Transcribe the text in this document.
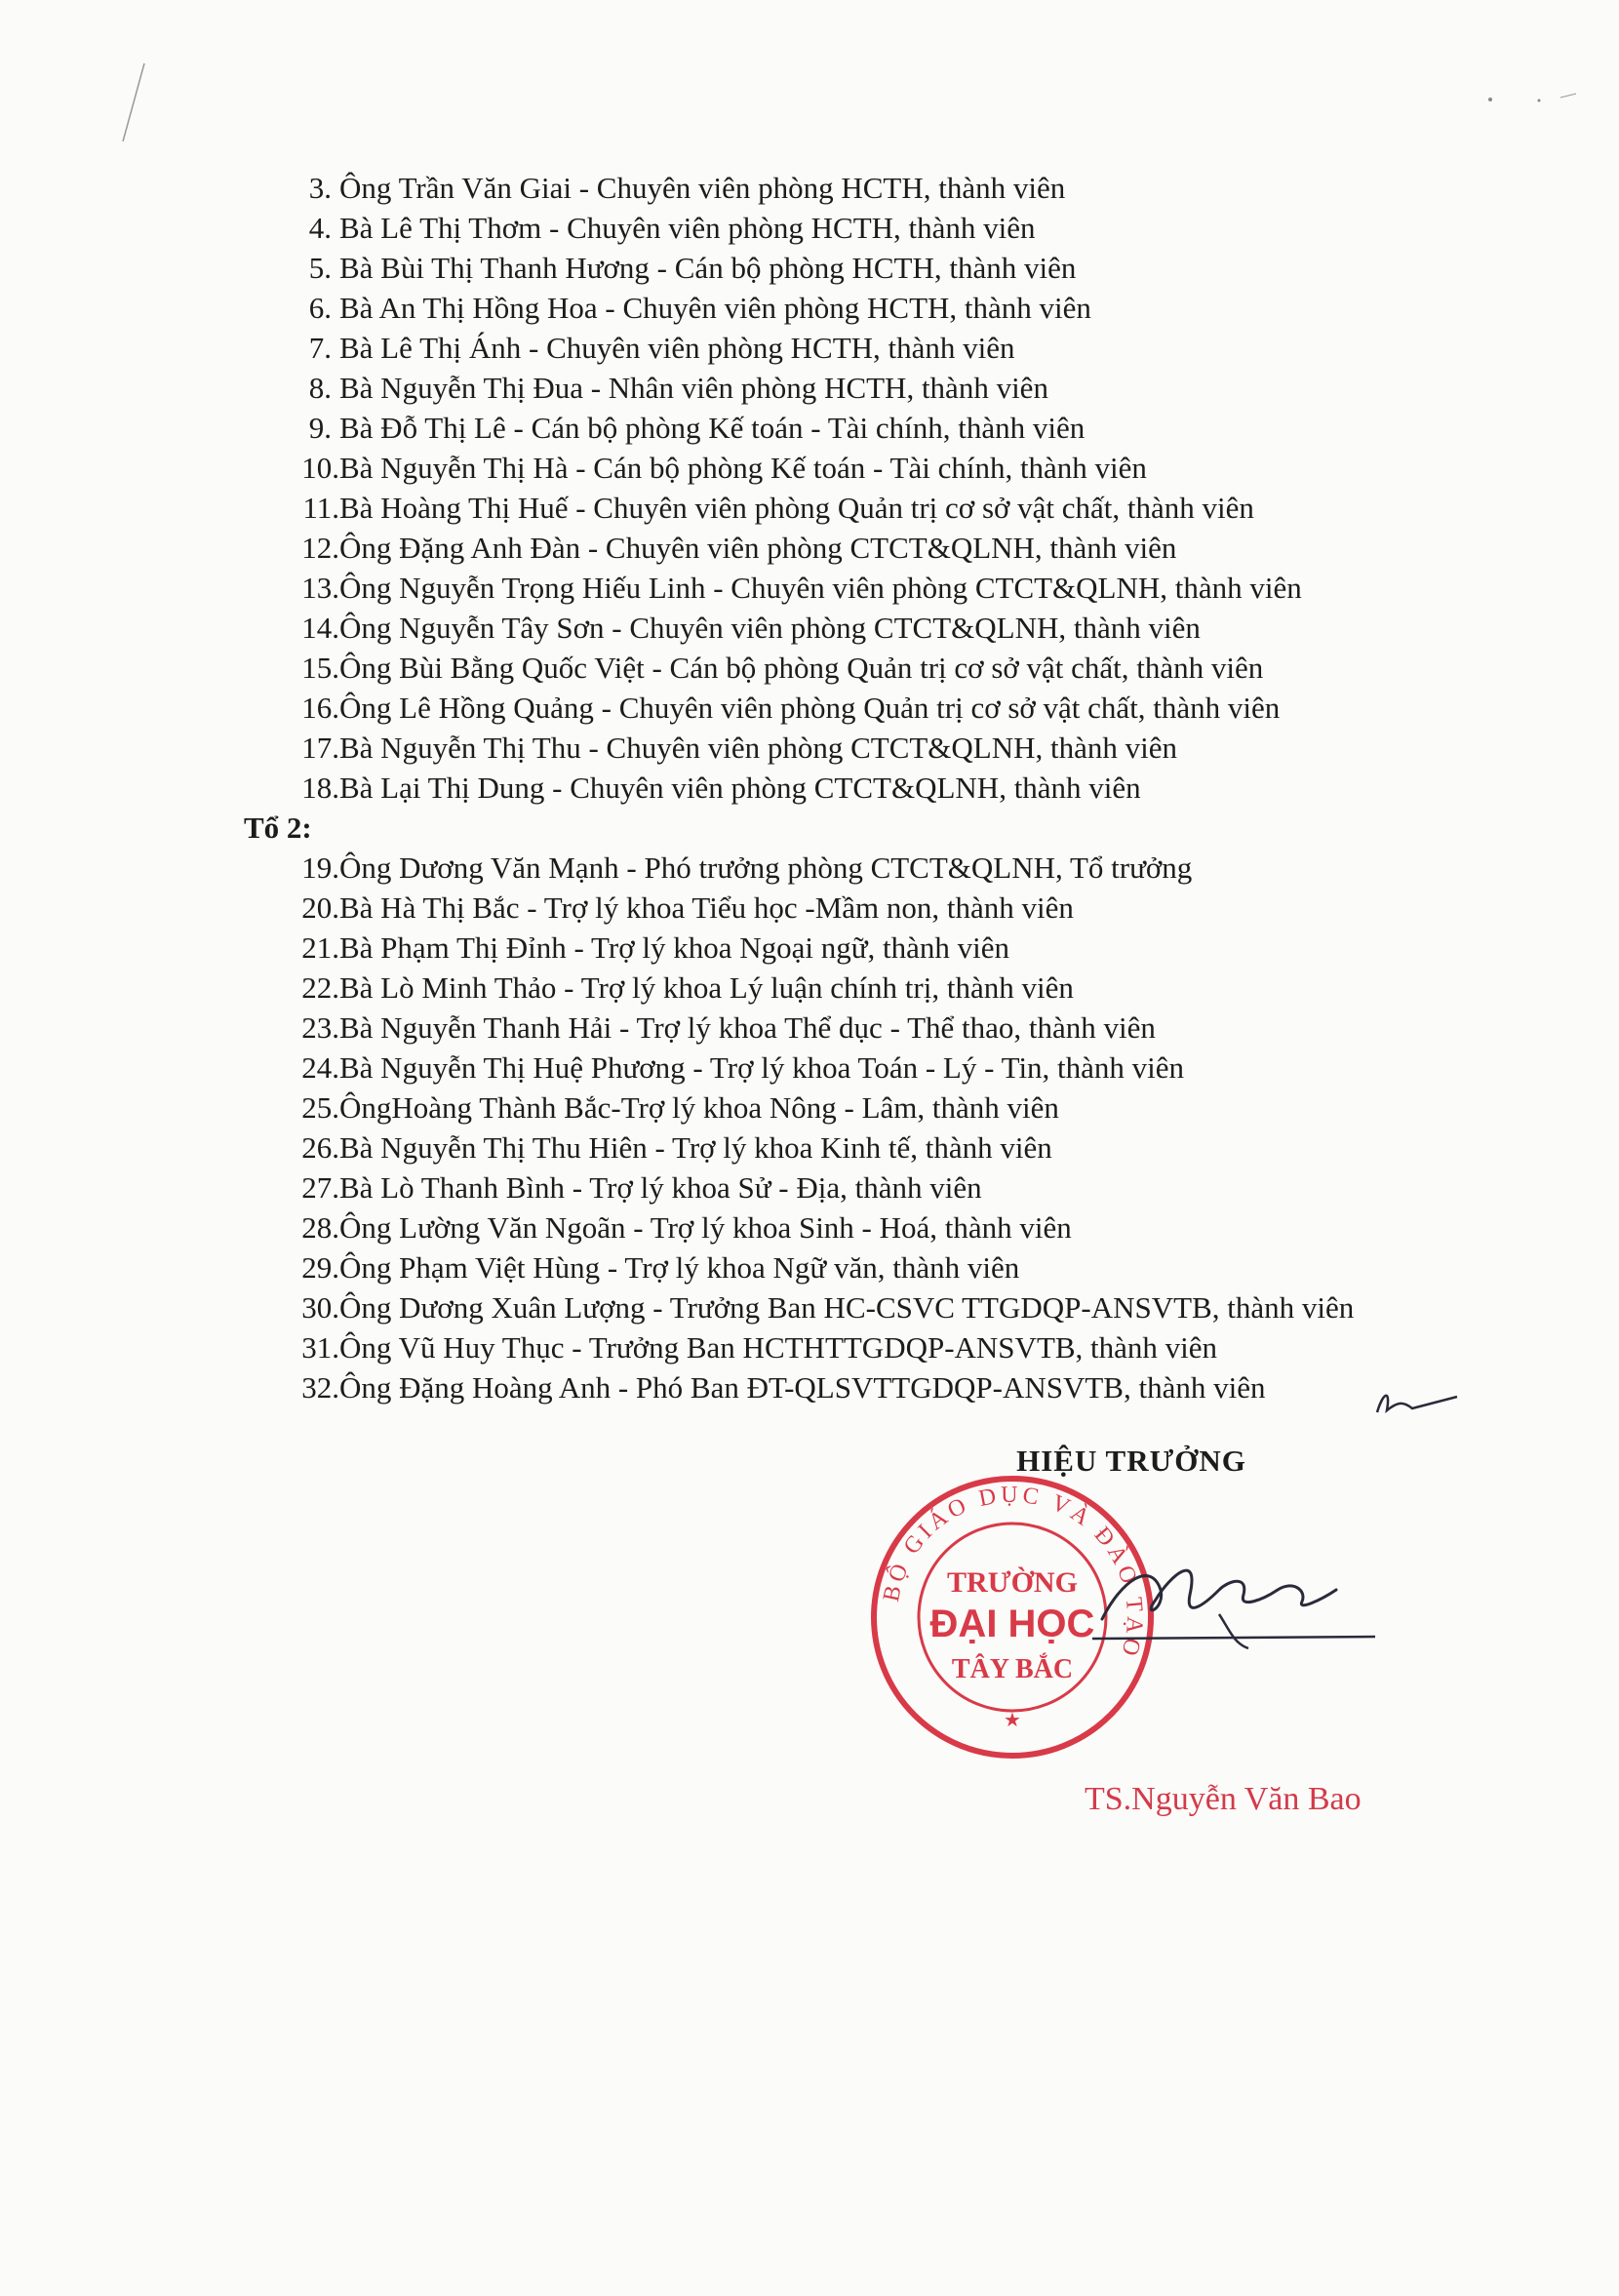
3. Ông Trần Văn Giai - Chuyên viên phòng HCTH, thành viên
4. Bà Lê Thị Thơm - Chuyên viên phòng HCTH, thành viên
5. Bà Bùi Thị Thanh Hương - Cán bộ phòng HCTH, thành viên
6. Bà An Thị Hồng Hoa - Chuyên viên phòng HCTH, thành viên
7. Bà Lê Thị Ánh - Chuyên viên phòng HCTH, thành viên
8. Bà Nguyễn Thị Đua - Nhân viên phòng HCTH, thành viên
9. Bà Đỗ Thị Lê - Cán bộ phòng Kế toán - Tài chính, thành viên
10. Bà Nguyễn Thị Hà - Cán bộ phòng Kế toán - Tài chính, thành viên
11. Bà Hoàng Thị Huế - Chuyên viên phòng Quản trị cơ sở vật chất, thành viên
12. Ông Đặng Anh Đàn - Chuyên viên phòng CTCT&QLNH, thành viên
13. Ông Nguyễn Trọng Hiếu Linh - Chuyên viên phòng CTCT&QLNH, thành viên
14. Ông Nguyễn Tây Sơn - Chuyên viên phòng CTCT&QLNH, thành viên
15. Ông Bùi Bằng Quốc Việt - Cán bộ phòng Quản trị cơ sở vật chất, thành viên
16. Ông Lê Hồng Quảng - Chuyên viên phòng Quản trị cơ sở vật chất, thành viên
17. Bà Nguyễn Thị Thu - Chuyên viên phòng CTCT&QLNH, thành viên
18. Bà Lại Thị Dung - Chuyên viên phòng CTCT&QLNH, thành viên
Tổ 2:
19. Ông Dương Văn Mạnh - Phó trưởng phòng CTCT&QLNH, Tổ trưởng
20. Bà Hà Thị Bắc - Trợ lý khoa Tiểu học -Mầm non, thành viên
21. Bà Phạm Thị Đỉnh - Trợ lý khoa Ngoại ngữ, thành viên
22. Bà Lò Minh Thảo - Trợ lý khoa Lý luận chính trị, thành viên
23. Bà Nguyễn Thanh Hải - Trợ lý khoa Thể dục - Thể thao, thành viên
24. Bà Nguyễn Thị Huệ Phương - Trợ lý khoa Toán - Lý - Tin, thành viên
25. ÔngHoàng Thành Bắc-Trợ lý khoa Nông - Lâm, thành viên
26. Bà Nguyễn Thị Thu Hiên - Trợ lý khoa Kinh tế, thành viên
27. Bà Lò Thanh Bình - Trợ lý khoa Sử - Địa, thành viên
28. Ông Lường Văn Ngoãn - Trợ lý khoa Sinh - Hoá, thành viên
29. Ông Phạm Việt Hùng - Trợ lý khoa Ngữ văn, thành viên
30. Ông Dương Xuân Lượng - Trưởng Ban HC-CSVC TTGDQP-ANSVTB, thành viên
31. Ông Vũ Huy Thục - Trưởng Ban HCTHTTGDQP-ANSVTB, thành viên
32. Ông Đặng Hoàng Anh - Phó Ban ĐT-QLSVTTGDQP-ANSVTB, thành viên
BỘ GIÁO DỤC VÀ ĐÀO TẠO
TRƯỜNG
ĐẠI HỌC
TÂY BẮC
★
HIỆU TRƯỞNG
TS.Nguyễn Văn Bao
